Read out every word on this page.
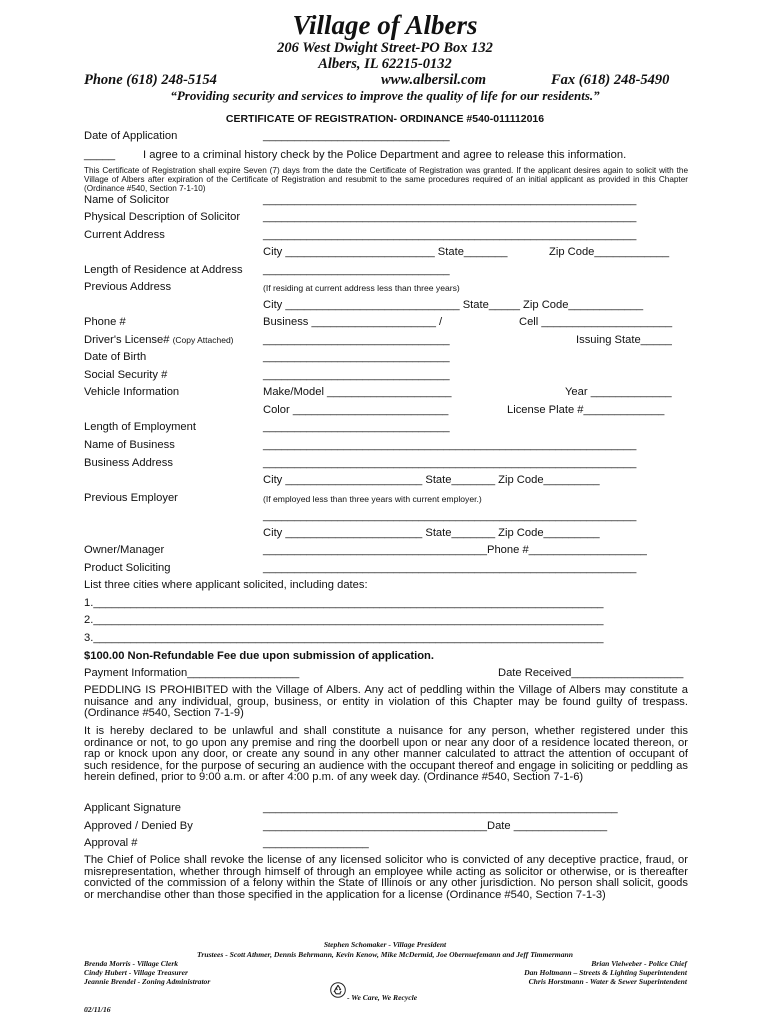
Village of Albers
206 West Dwight Street-PO Box 132
Albers, IL 62215-0132
Phone (618) 248-5154	www.albersil.com	Fax (618) 248-5490
“Providing security and services to improve the quality of life for our residents.”
CERTIFICATE OF REGISTRATION- ORDINANCE #540-011112016
Date of Application	______________________________
_____ I agree to a criminal history check by the Police Department and agree to release this information.
This Certificate of Registration shall expire Seven (7) days from the date the Certificate of Registration was granted. If the applicant desires again to solicit with the Village of Albers after expiration of the Certificate of Registration and resubmit to the same procedures required of an initial applicant as provided in this Chapter (Ordinance #540, Section 7-1-10)
Name of Solicitor	____________________________________________________________
Physical Description of Solicitor ____________________________________________________________
Current Address	____________________________________________________________
City ________________________ State_______	Zip Code____________
Length of Residence at Address ______________________________
Previous Address	(If residing at current address less than three years)
City ____________________________ State_____ Zip Code____________
Phone #	Business ____________________ /	Cell _____________________
Driver's License# (Copy Attached)	______________________________	Issuing State_____
Date of Birth	______________________________
Social Security #	______________________________
Vehicle Information	Make/Model ____________________	Year _____________
Color _________________________	License Plate #_____________
Length of Employment	______________________________
Name of Business	____________________________________________________________
Business Address	____________________________________________________________
City ______________________ State_______ Zip Code_________
Previous Employer	(If employed less than three years with current employer.)
____________________________________________________________
City ______________________ State_______ Zip Code_________
Owner/Manager	____________________________________Phone #___________________
Product Soliciting	____________________________________________________________
List three cities where applicant solicited, including dates:
1.__________________________________________________________________________________
2.__________________________________________________________________________________
3.__________________________________________________________________________________
$100.00 Non-Refundable Fee due upon submission of application.
Payment Information__________________	Date Received__________________
PEDDLING IS PROHIBITED with the Village of Albers. Any act of peddling within the Village of Albers may constitute a nuisance and any individual, group, business, or entity in violation of this Chapter may be found guilty of trespass. (Ordinance #540, Section 7-1-9)
It is hereby declared to be unlawful and shall constitute a nuisance for any person, whether registered under this ordinance or not, to go upon any premise and ring the doorbell upon or near any door of a residence located thereon, or rap or knock upon any door, or create any sound in any other manner calculated to attract the attention of occupant of such residence, for the purpose of securing an audience with the occupant thereof and engage in soliciting or peddling as herein defined, prior to 9:00 a.m. or after 4:00 p.m. of any week day. (Ordinance #540, Section 7-1-6)
Applicant Signature	_________________________________________________________
Approved / Denied By	____________________________________Date _______________
Approval #	_________________
The Chief of Police shall revoke the license of any licensed solicitor who is convicted of any deceptive practice, fraud, or misrepresentation, whether through himself of through an employee while acting as solicitor or otherwise, or is thereafter convicted of the commission of a felony within the State of Illinois or any other jurisdiction. No person shall solicit, goods or merchandise other than those specified in the application for a license (Ordinance #540, Section 7-1-3)
Stephen Schomaker - Village President
Trustees - Scott Athmer, Dennis Behrmann, Kevin Kenow, Mike McDermid, Joe Obernuefemann and Jeff Timmermann
Brenda Morris - Village Clerk
Cindy Hubert - Village Treasurer
Jeannie Brendel - Zoning Administrator
Brian Vielweber - Police Chief
Dan Holtmann – Streets & Lighting Superintendent
Chris Horstmann - Water & Sewer Superintendent
- We Care, We Recycle
02/11/16
